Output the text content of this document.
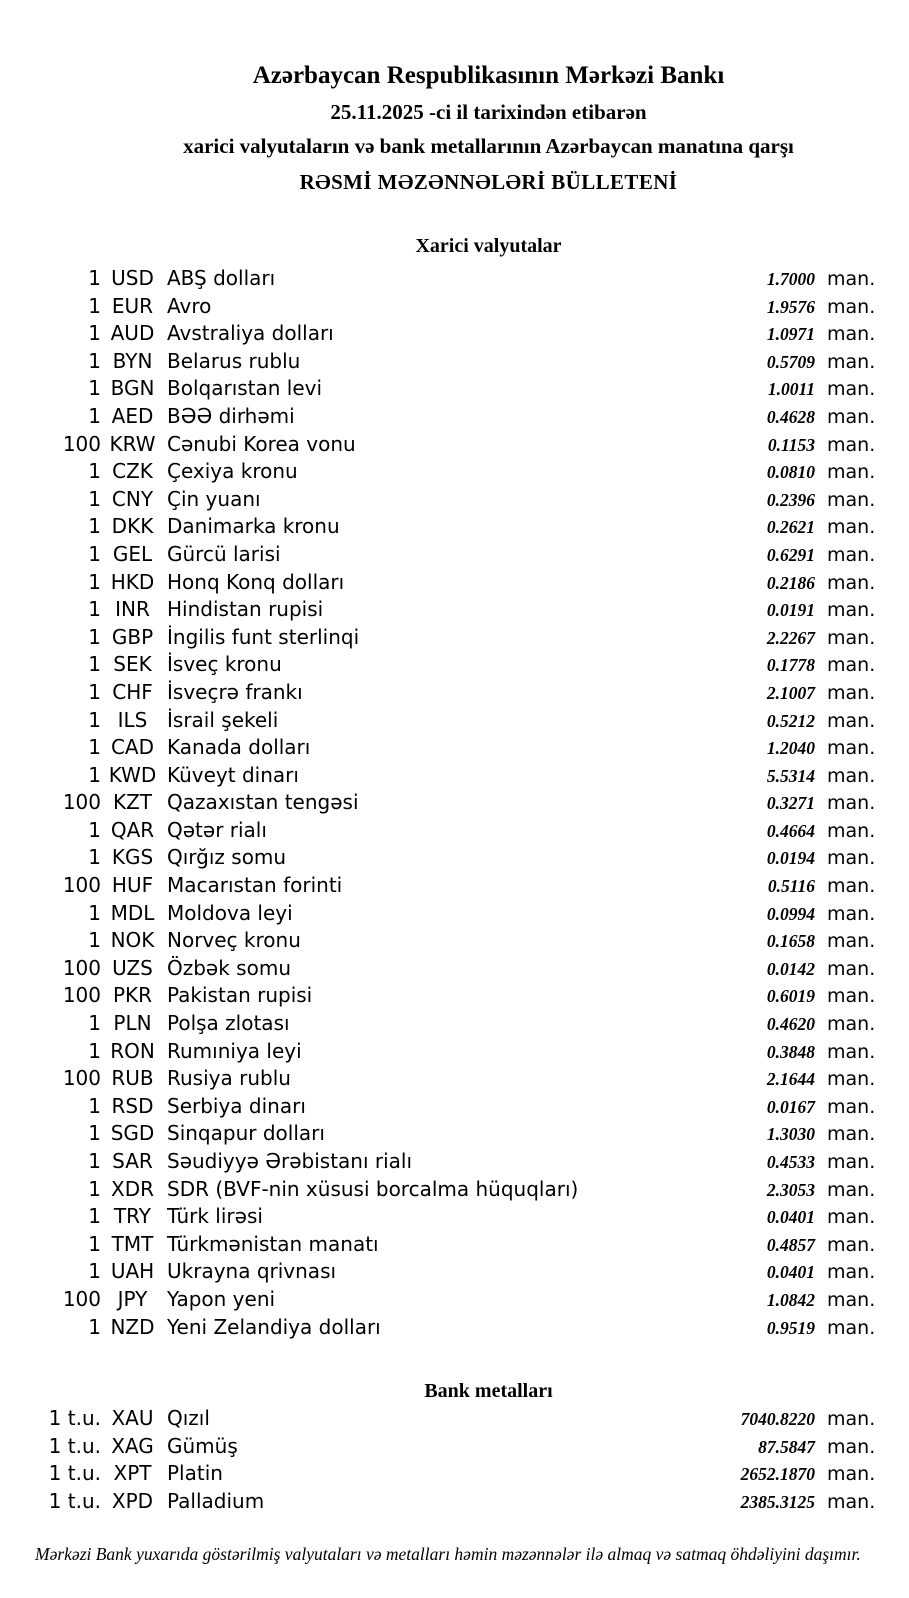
Azərbaycan Respublikasının Mərkəzi Bankı
25.11.2025 -ci il tarixindən etibarən
xarici valyutaların və bank metallarının Azərbaycan manatına qarşı
RƏSMİ MƏZƏNNƏLƏRİ BÜLLETENİ
Xarici valyutalar
1 USD ABŞ dolları	1.7000 man.
1 EUR Avro	1.9576 man.
1 AUD Avstraliya dolları	1.0971 man.
1 BYN Belarus rublu	0.5709 man.
1 BGN Bolqarıstan levi	1.0011 man.
1 AED BƏƏ dirhəmi	0.4628 man.
100 KRW Cənubi Korea vonu	0.1153 man.
1 CZK Çexiya kronu	0.0810 man.
1 CNY Çin yuanı	0.2396 man.
1 DKK Danimarka kronu	0.2621 man.
1 GEL Gürcü larisi	0.6291 man.
1 HKD Honq Konq dolları	0.2186 man.
1 INR Hindistan rupisi	0.0191 man.
1 GBP İngilis funt sterlinqi	2.2267 man.
1 SEK İsveç kronu	0.1778 man.
1 CHF İsveçrə frankı	2.1007 man.
1 ILS İsrail şekeli	0.5212 man.
1 CAD Kanada dolları	1.2040 man.
1 KWD Küveyt dinarı	5.5314 man.
100 KZT Qazaxıstan tengəsi	0.3271 man.
1 QAR Qətər rialı	0.4664 man.
1 KGS Qırğız somu	0.0194 man.
100 HUF Macarıstan forinti	0.5116 man.
1 MDL Moldova leyi	0.0994 man.
1 NOK Norveç kronu	0.1658 man.
100 UZS Özbək somu	0.0142 man.
100 PKR Pakistan rupisi	0.6019 man.
1 PLN Polşa zlotası	0.4620 man.
1 RON Rumıniya leyi	0.3848 man.
100 RUB Rusiya rublu	2.1644 man.
1 RSD Serbiya dinarı	0.0167 man.
1 SGD Sinqapur dolları	1.3030 man.
1 SAR Səudiyyə Ərəbistanı rialı	0.4533 man.
1 XDR SDR (BVF-nin xüsusi borcalma hüquqları)	2.3053 man.
1 TRY Türk lirəsi	0.0401 man.
1 TMT Türkmənistan manatı	0.4857 man.
1 UAH Ukrayna qrivnası	0.0401 man.
100 JPY Yapon yeni	1.0842 man.
1 NZD Yeni Zelandiya dolları	0.9519 man.
Bank metalları
1 t.u. XAU Qızıl	7040.8220 man.
1 t.u. XAG Gümüş	87.5847 man.
1 t.u. XPT Platin	2652.1870 man.
1 t.u. XPD Palladium	2385.3125 man.
Mərkəzi Bank yuxarıda göstərilmiş valyutaları və metalları həmin məzənnələr ilə almaq və satmaq öhdəliyini daşımır.
